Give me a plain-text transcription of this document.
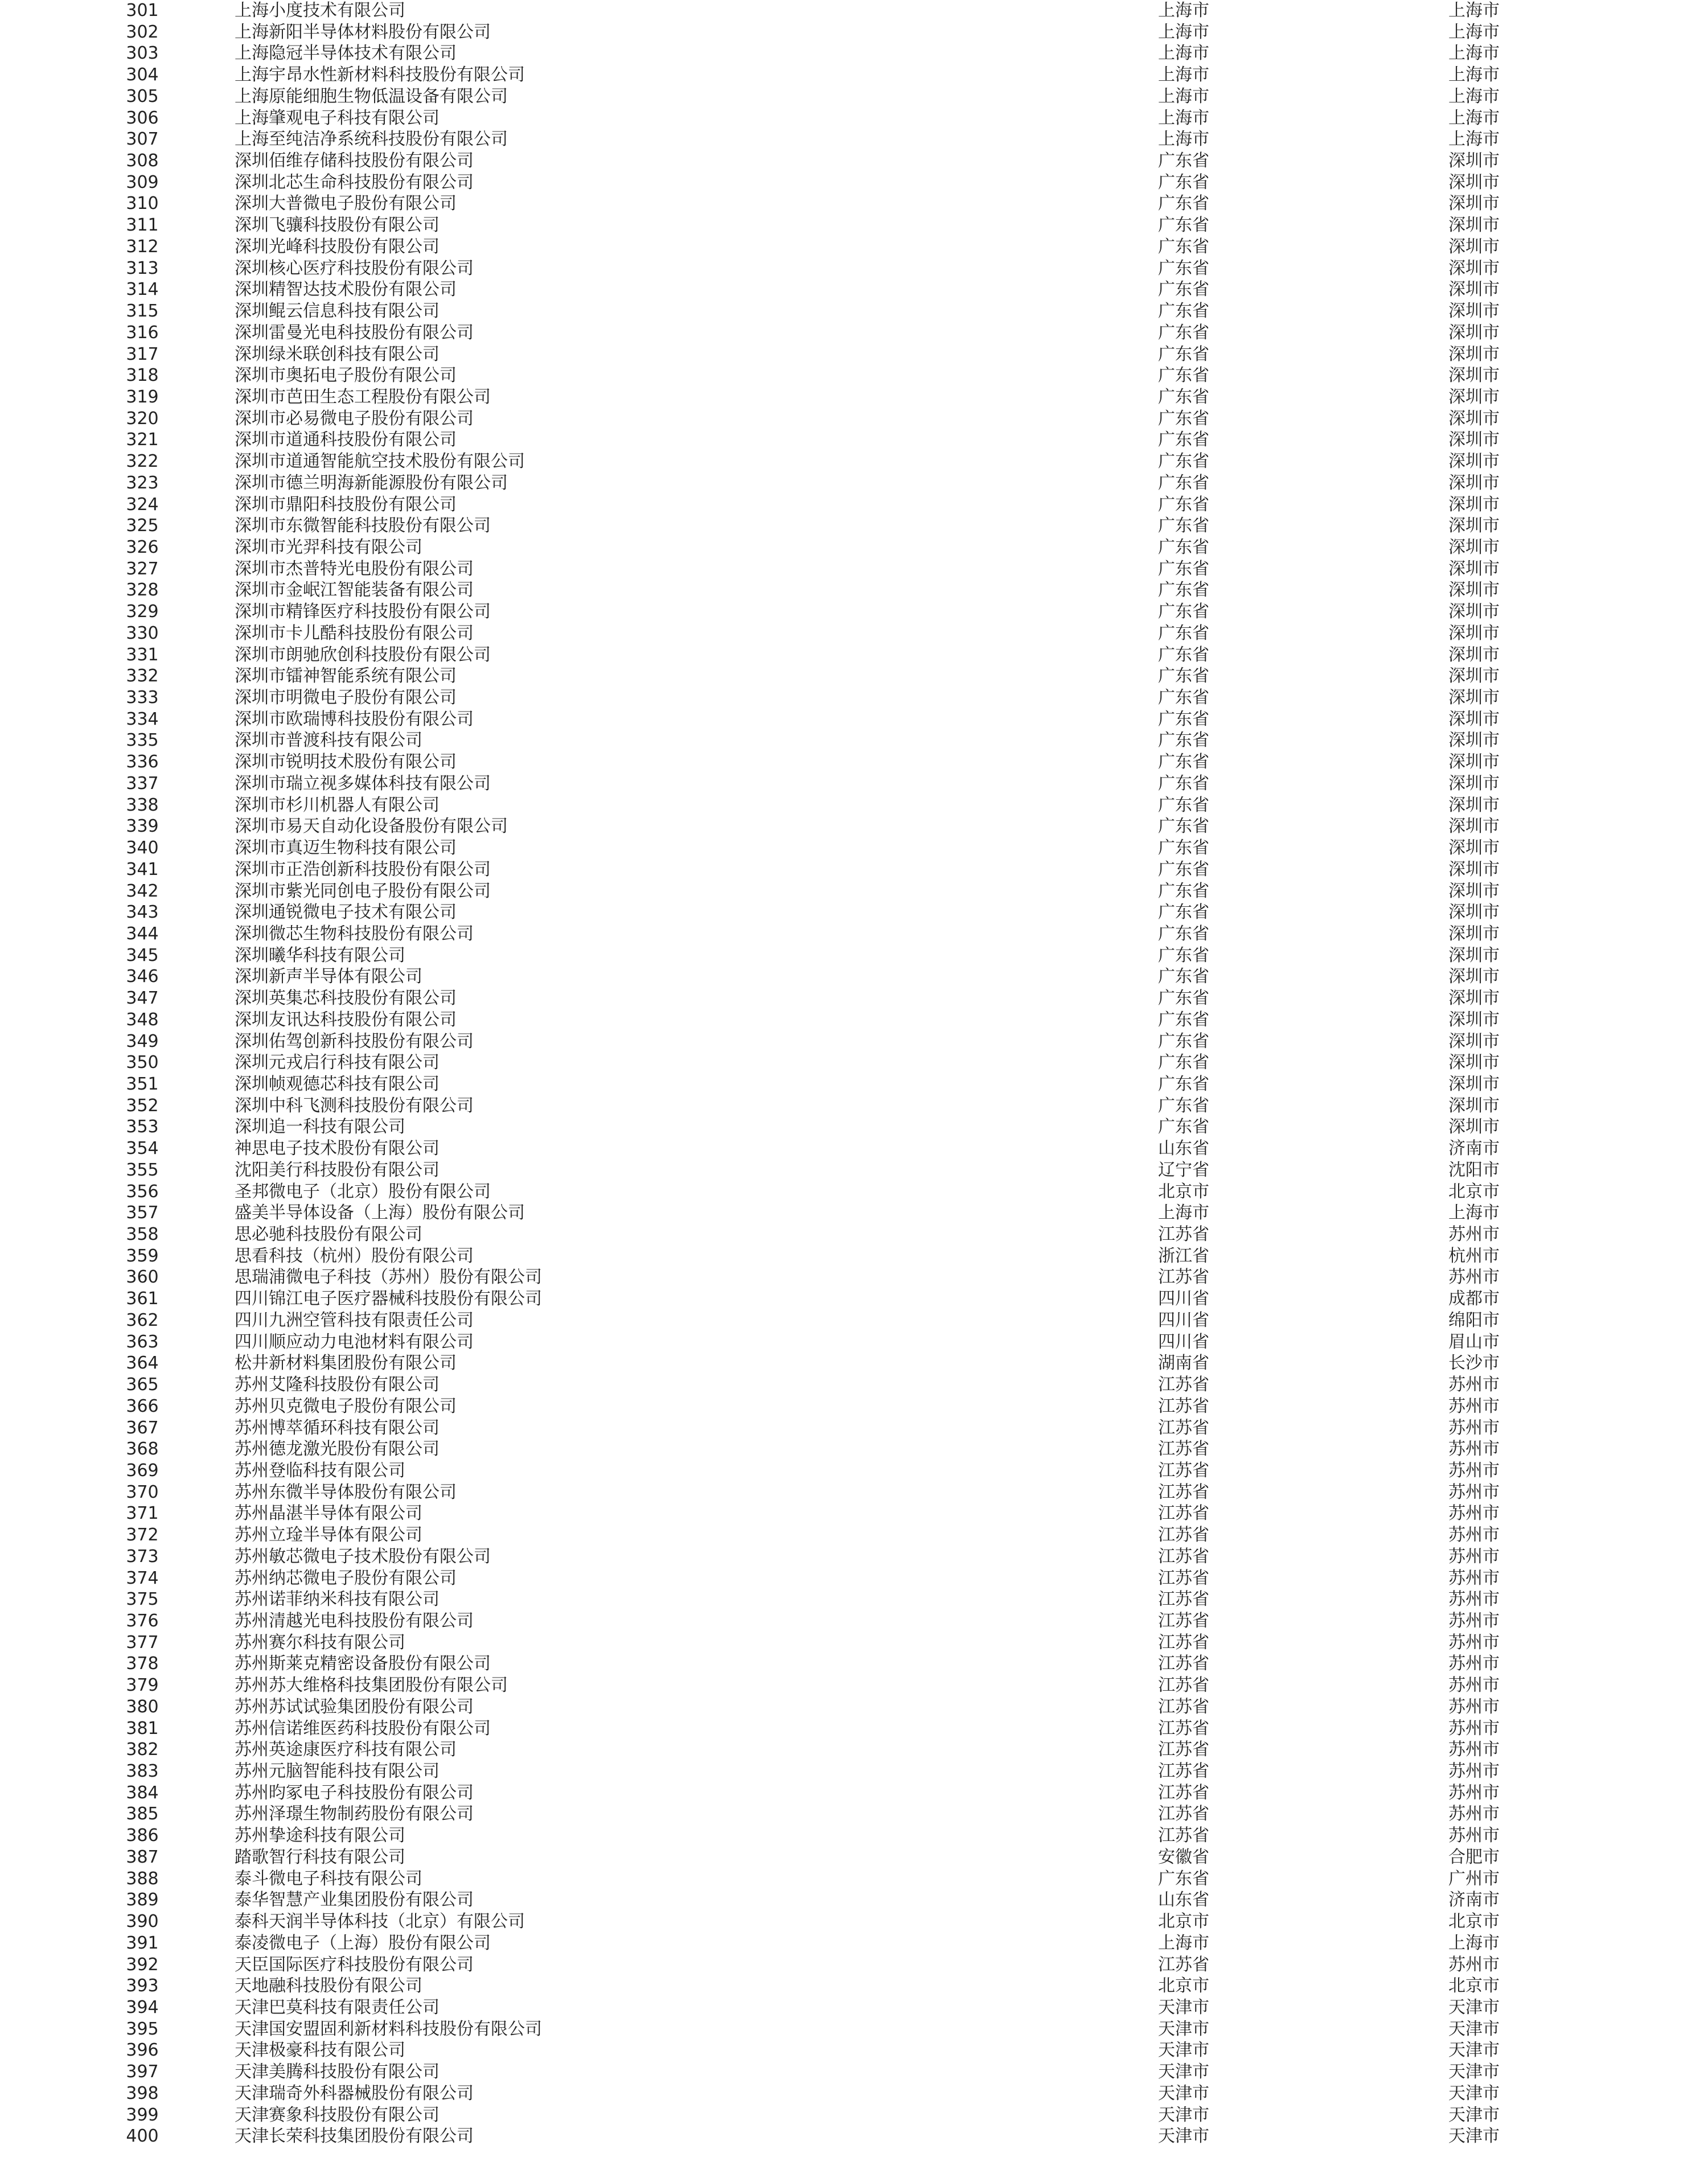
301	上海小度技术有限公司	上海市	上海市
302	上海新阳半导体材料股份有限公司	上海市	上海市
303	上海隐冠半导体技术有限公司	上海市	上海市
304	上海宇昂水性新材料科技股份有限公司	上海市	上海市
305	上海原能细胞生物低温设备有限公司	上海市	上海市
306	上海肇观电子科技有限公司	上海市	上海市
307	上海至纯洁净系统科技股份有限公司	上海市	上海市
308	深圳佰维存储科技股份有限公司	广东省	深圳市
309	深圳北芯生命科技股份有限公司	广东省	深圳市
310	深圳大普微电子股份有限公司	广东省	深圳市
311	深圳飞骧科技股份有限公司	广东省	深圳市
312	深圳光峰科技股份有限公司	广东省	深圳市
313	深圳核心医疗科技股份有限公司	广东省	深圳市
314	深圳精智达技术股份有限公司	广东省	深圳市
315	深圳鲲云信息科技有限公司	广东省	深圳市
316	深圳雷曼光电科技股份有限公司	广东省	深圳市
317	深圳绿米联创科技有限公司	广东省	深圳市
318	深圳市奥拓电子股份有限公司	广东省	深圳市
319	深圳市芭田生态工程股份有限公司	广东省	深圳市
320	深圳市必易微电子股份有限公司	广东省	深圳市
321	深圳市道通科技股份有限公司	广东省	深圳市
322	深圳市道通智能航空技术股份有限公司	广东省	深圳市
323	深圳市德兰明海新能源股份有限公司	广东省	深圳市
324	深圳市鼎阳科技股份有限公司	广东省	深圳市
325	深圳市东微智能科技股份有限公司	广东省	深圳市
326	深圳市光羿科技有限公司	广东省	深圳市
327	深圳市杰普特光电股份有限公司	广东省	深圳市
328	深圳市金岷江智能装备有限公司	广东省	深圳市
329	深圳市精锋医疗科技股份有限公司	广东省	深圳市
330	深圳市卡儿酷科技股份有限公司	广东省	深圳市
331	深圳市朗驰欣创科技股份有限公司	广东省	深圳市
332	深圳市镭神智能系统有限公司	广东省	深圳市
333	深圳市明微电子股份有限公司	广东省	深圳市
334	深圳市欧瑞博科技股份有限公司	广东省	深圳市
335	深圳市普渡科技有限公司	广东省	深圳市
336	深圳市锐明技术股份有限公司	广东省	深圳市
337	深圳市瑞立视多媒体科技有限公司	广东省	深圳市
338	深圳市杉川机器人有限公司	广东省	深圳市
339	深圳市易天自动化设备股份有限公司	广东省	深圳市
340	深圳市真迈生物科技有限公司	广东省	深圳市
341	深圳市正浩创新科技股份有限公司	广东省	深圳市
342	深圳市紫光同创电子股份有限公司	广东省	深圳市
343	深圳通锐微电子技术有限公司	广东省	深圳市
344	深圳微芯生物科技股份有限公司	广东省	深圳市
345	深圳曦华科技有限公司	广东省	深圳市
346	深圳新声半导体有限公司	广东省	深圳市
347	深圳英集芯科技股份有限公司	广东省	深圳市
348	深圳友讯达科技股份有限公司	广东省	深圳市
349	深圳佑驾创新科技股份有限公司	广东省	深圳市
350	深圳元戎启行科技有限公司	广东省	深圳市
351	深圳帧观德芯科技有限公司	广东省	深圳市
352	深圳中科飞测科技股份有限公司	广东省	深圳市
353	深圳追一科技有限公司	广东省	深圳市
354	神思电子技术股份有限公司	山东省	济南市
355	沈阳美行科技股份有限公司	辽宁省	沈阳市
356	圣邦微电子（北京）股份有限公司	北京市	北京市
357	盛美半导体设备（上海）股份有限公司	上海市	上海市
358	思必驰科技股份有限公司	江苏省	苏州市
359	思看科技（杭州）股份有限公司	浙江省	杭州市
360	思瑞浦微电子科技（苏州）股份有限公司	江苏省	苏州市
361	四川锦江电子医疗器械科技股份有限公司	四川省	成都市
362	四川九洲空管科技有限责任公司	四川省	绵阳市
363	四川顺应动力电池材料有限公司	四川省	眉山市
364	松井新材料集团股份有限公司	湖南省	长沙市
365	苏州艾隆科技股份有限公司	江苏省	苏州市
366	苏州贝克微电子股份有限公司	江苏省	苏州市
367	苏州博萃循环科技有限公司	江苏省	苏州市
368	苏州德龙激光股份有限公司	江苏省	苏州市
369	苏州登临科技有限公司	江苏省	苏州市
370	苏州东微半导体股份有限公司	江苏省	苏州市
371	苏州晶湛半导体有限公司	江苏省	苏州市
372	苏州立琻半导体有限公司	江苏省	苏州市
373	苏州敏芯微电子技术股份有限公司	江苏省	苏州市
374	苏州纳芯微电子股份有限公司	江苏省	苏州市
375	苏州诺菲纳米科技有限公司	江苏省	苏州市
376	苏州清越光电科技股份有限公司	江苏省	苏州市
377	苏州赛尔科技有限公司	江苏省	苏州市
378	苏州斯莱克精密设备股份有限公司	江苏省	苏州市
379	苏州苏大维格科技集团股份有限公司	江苏省	苏州市
380	苏州苏试试验集团股份有限公司	江苏省	苏州市
381	苏州信诺维医药科技股份有限公司	江苏省	苏州市
382	苏州英途康医疗科技有限公司	江苏省	苏州市
383	苏州元脑智能科技有限公司	江苏省	苏州市
384	苏州昀冢电子科技股份有限公司	江苏省	苏州市
385	苏州泽璟生物制药股份有限公司	江苏省	苏州市
386	苏州挚途科技有限公司	江苏省	苏州市
387	踏歌智行科技有限公司	安徽省	合肥市
388	泰斗微电子科技有限公司	广东省	广州市
389	泰华智慧产业集团股份有限公司	山东省	济南市
390	泰科天润半导体科技（北京）有限公司	北京市	北京市
391	泰凌微电子（上海）股份有限公司	上海市	上海市
392	天臣国际医疗科技股份有限公司	江苏省	苏州市
393	天地融科技股份有限公司	北京市	北京市
394	天津巴莫科技有限责任公司	天津市	天津市
395	天津国安盟固利新材料科技股份有限公司	天津市	天津市
396	天津极豪科技有限公司	天津市	天津市
397	天津美腾科技股份有限公司	天津市	天津市
398	天津瑞奇外科器械股份有限公司	天津市	天津市
399	天津赛象科技股份有限公司	天津市	天津市
400	天津长荣科技集团股份有限公司	天津市	天津市
